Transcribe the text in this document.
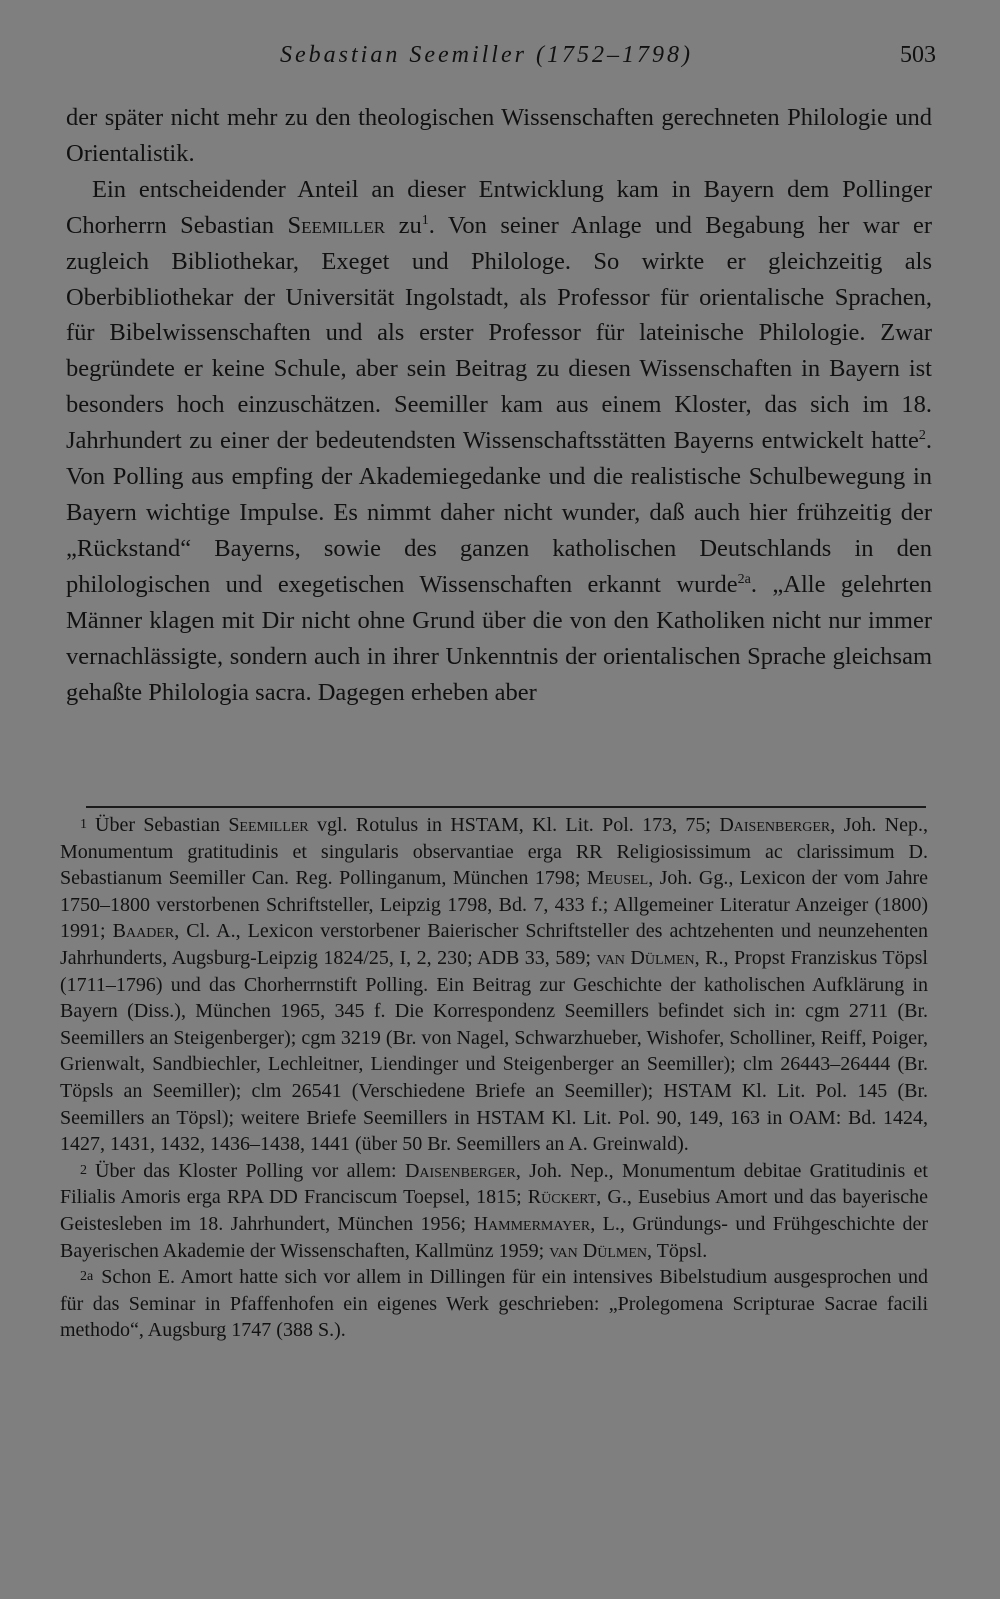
Sebastian Seemiller (1752–1798)	503

der später nicht mehr zu den theologischen Wissenschaften gerechneten Philologie und Orientalistik.

Ein entscheidender Anteil an dieser Entwicklung kam in Bayern dem Pollinger Chorherrn Sebastian Seemiller $zu^1$. Von seiner Anlage und Begabung her war er zugleich Bibliothekar, Exeget und Philologe. So wirkte er gleichzeitig als Oberbibliothekar der Universität Ingolstadt, als Professor für orientalische Sprachen, für Bibelwissenschaften und als erster Professor für lateinische Philologie. Zwar begründete er keine Schule, aber sein Beitrag zu diesen Wissenschaften in Bayern ist besonders hoch einzuschätzen. Seemiller kam aus einem Kloster, das sich im 18. Jahrhundert zu einer der bedeutendsten Wissenschaftsstätten Bayerns entwickelt hatte$^2$. Von Polling aus empfing der Akademiegedanke und die realistische Schulbewegung in Bayern wichtige Impulse. Es nimmt daher nicht wunder, daß auch hier frühzeitig der „Rückstand“ Bayerns, sowie des ganzen katholischen Deutschlands in den philologischen und exegetischen Wissenschaften erkannt wurde$^{2a}$. „Alle gelehrten Männer klagen mit Dir nicht ohne Grund über die von den Katholiken nicht nur immer vernachlässigte, sondern auch in ihrer Unkenntnis der orientalischen Sprache gleichsam gehaßte Philologia sacra. Dagegen erheben aber

1 Über Sebastian Seemiller vgl. Rotulus in HSTAM, Kl. Lit. Pol. 173, 75; Daisenberger, Joh. Nep., Monumentum gratitudinis et singularis observantiae erga RR Religiosissimum ac clarissimum D. Sebastianum Seemiller Can. Reg. Pollinganum, München 1798; Meusel, Joh. Gg., Lexicon der vom Jahre 1750–1800 verstorbenen Schriftsteller, Leipzig 1798, Bd. 7, 433 f.; Allgemeiner Literatur Anzeiger (1800) 1991; Baader, Cl. A., Lexicon verstorbener Baierischer Schriftsteller des achtzehenten und neunzehenten Jahrhunderts, Augsburg-Leipzig 1824/25, I, 2, 230; ADB 33, 589; van Dülmen, R., Propst Franziskus Töpsl (1711–1796) und das Chorherrnstift Polling. Ein Beitrag zur Geschichte der katholischen Aufklärung in Bayern (Diss.), München 1965, 345 f. Die Korrespondenz Seemillers befindet sich in: cgm 2711 (Br. Seemillers an Steigenberger); cgm 3219 (Br. von Nagel, Schwarzhueber, Wishofer, Scholliner, Reiff, Poiger, Grienwalt, Sandbiechler, Lechleitner, Liendinger und Steigenberger an Seemiller); clm 26443–26444 (Br. Töpsls an Seemiller); clm 26541 (Verschiedene Briefe an Seemiller); HSTAM Kl. Lit. Pol. 145 (Br. Seemillers an Töpsl); weitere Briefe Seemillers in HSTAM Kl. Lit. Pol. 90, 149, 163 in OAM: Bd. 1424, 1427, 1431, 1432, 1436–1438, 1441 (über 50 Br. Seemillers an A. Greinwald).

2 Über das Kloster Polling vor allem: Daisenberger, Joh. Nep., Monumentum debitae Gratitudinis et Filialis Amoris erga RPA DD Franciscum Toepsel, 1815; Rückert, G., Eusebius Amort und das bayerische Geistesleben im 18. Jahrhundert, München 1956; Hammermayer, L., Gründungs- und Frühgeschichte der Bayerischen Akademie der Wissenschaften, Kallmünz 1959; van Dülmen, Töpsl.

2a Schon E. Amort hatte sich vor allem in Dillingen für ein intensives Bibelstudium ausgesprochen und für das Seminar in Pfaffenhofen ein eigenes Werk geschrieben: „Prolegomena Scripturae Sacrae facili methodo“, Augsburg 1747 (388 S.).
